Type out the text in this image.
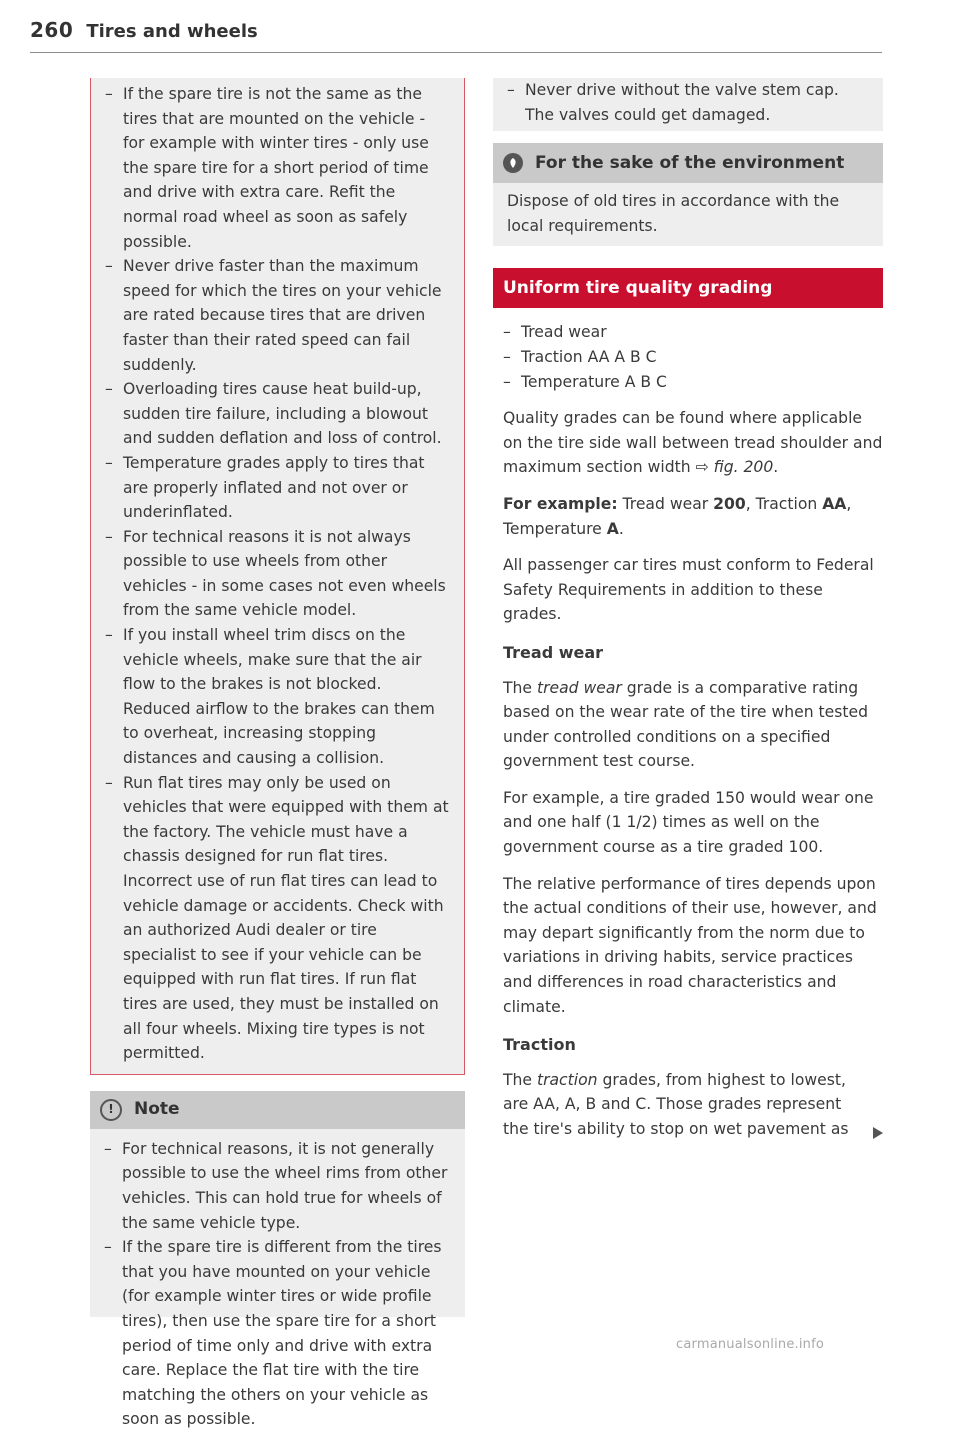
260 Tires and wheels
– If the spare tire is not the same as the tires that are mounted on the vehicle - for example with winter tires - only use the spare tire for a short period of time and drive with extra care. Refit the normal road wheel as soon as safely possible.
– Never drive faster than the maximum speed for which the tires on your vehicle are rated because tires that are driven faster than their rated speed can fail suddenly.
– Overloading tires cause heat build-up, sudden tire failure, including a blowout and sudden deflation and loss of control.
– Temperature grades apply to tires that are properly inflated and not over or underinflated.
– For technical reasons it is not always possible to use wheels from other vehicles - in some cases not even wheels from the same vehicle model.
– If you install wheel trim discs on the vehicle wheels, make sure that the air flow to the brakes is not blocked. Reduced airflow to the brakes can them to overheat, increasing stopping distances and causing a collision.
– Run flat tires may only be used on vehicles that were equipped with them at the factory. The vehicle must have a chassis designed for run flat tires. Incorrect use of run flat tires can lead to vehicle damage or accidents. Check with an authorized Audi dealer or tire specialist to see if your vehicle can be equipped with run flat tires. If run flat tires are used, they must be installed on all four wheels. Mixing tire types is not permitted.
!	Note
– For technical reasons, it is not generally possible to use the wheel rims from other vehicles. This can hold true for wheels of the same vehicle type.
– If the spare tire is different from the tires that you have mounted on your vehicle (for example winter tires or wide profile tires), then use the spare tire for a short period of time only and drive with extra care. Replace the flat tire with the tire matching the others on your vehicle as soon as possible.
– Never drive without the valve stem cap. The valves could get damaged.
For the sake of the environment

Dispose of old tires in accordance with the local requirements.

Uniform tire quality grading
– Tread wear
– Traction AA A B C
– Temperature A B C

Quality grades can be found where applicable on the tire side wall between tread shoulder and maximum section width ⇨ fig. 200.

For example: Tread wear 200, Traction AA, Temperature A.

All passenger car tires must conform to Federal Safety Requirements in addition to these grades.

Tread wear

The tread wear grade is a comparative rating based on the wear rate of the tire when tested under controlled conditions on a specified government test course.

For example, a tire graded 150 would wear one and one half (1 1/2) times as well on the government course as a tire graded 100.

The relative performance of tires depends upon the actual conditions of their use, however, and may depart significantly from the norm due to variations in driving habits, service practices and differences in road characteristics and climate.

Traction

The traction grades, from highest to lowest, are AA, A, B and C. Those grades represent the tire's ability to stop on wet pavement as

carmanualsonline.info
